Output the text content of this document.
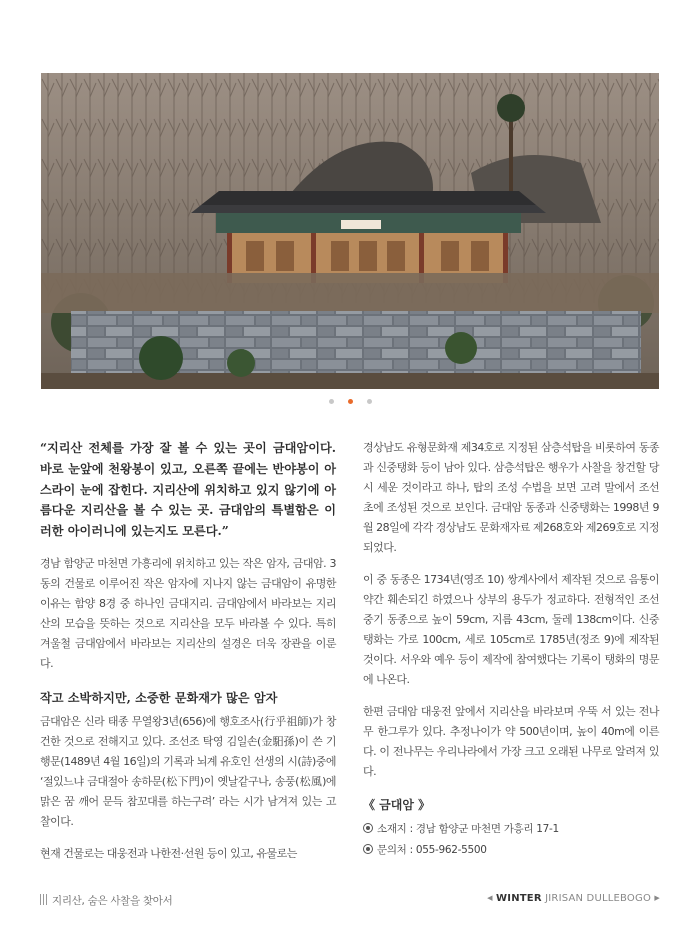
“지리산 전체를 가장 잘 볼 수 있는 곳이 금대암이다. 바로 눈앞에 천왕봉이 있고, 오른쪽 끝에는 반야봉이 아스라이 눈에 잡힌다. 지리산에 위치하고 있지 않기에 아름다운 지리산을 볼 수 있는 곳. 금대암의 특별함은 이러한 아이러니에 있는지도 모른다.”

경남 함양군 마천면 가흥리에 위치하고 있는 작은 암자, 금대암. 3동의 건물로 이루어진 작은 암자에 지나지 않는 금대암이 유명한 이유는 함양 8경 중 하나인 금대지리. 금대암에서 바라보는 지리산의 모습을 뜻하는 것으로 지리산을 모두 바라볼 수 있다. 특히 겨울철 금대암에서 바라보는 지리산의 설경은 더욱 장관을 이룬다.

작고 소박하지만, 소중한 문화재가 많은 암자

금대암은 신라 태종 무열왕3년(656)에 행호조사(行乎祖師)가 창건한 것으로 전해지고 있다. 조선조 탁영 김일손(金馹孫)이 쓴 기행문(1489년 4월 16일)의 기록과 뇌계 유호인 선생의 시(詩)중에 ‘절있느냐 금대절아 송하문(松下門)이 옛날같구나, 송풍(松風)에 맑은 꿈 깨어 문득 참꼬대를 하는구려’ 라는 시가 남겨져 있는 고찰이다.

현재 건물로는 대웅전과 나한전·선원 등이 있고, 유물로는

경상남도 유형문화재 제34호로 지정된 삼층석탑을 비롯하여 동종과 신중탱화 등이 남아 있다. 삼층석탑은 행우가 사찰을 창건할 당시 세운 것이라고 하나, 탑의 조성 수법을 보면 고려 말에서 조선 초에 조성된 것으로 보인다. 금대암 동종과 신중탱화는 1998년 9월 28일에 각각 경상남도 문화재자료 제268호와 제269호로 지정되었다.

이 중 동종은 1734년(영조 10) 쌍계사에서 제작된 것으로 음통이 약간 훼손되긴 하였으나 상부의 용두가 정교하다. 전형적인 조선 중기 동종으로 높이 59cm, 지름 43cm, 둘레 138cm이다. 신중탱화는 가로 100cm, 세로 105cm로 1785년(정조 9)에 제작된 것이다. 서우와 예우 등이 제작에 참여했다는 기록이 탱화의 명문에 나온다.

한편 금대암 대웅전 앞에서 지리산을 바라보며 우뚝 서 있는 전나무 한그루가 있다. 추정나이가 약 500년이며, 높이 40m에 이른다. 이 전나무는 우리나라에서 가장 크고 오래된 나무로 알려져 있다.

《 금대암 》

소재지 : 경남 함양군 마천면 가흥리 17-1

문의처 : 055-962-5500

지리산, 숨은 사찰을 찾아서	◀ WINTER JIRISAN DULLEBOGO ▶
